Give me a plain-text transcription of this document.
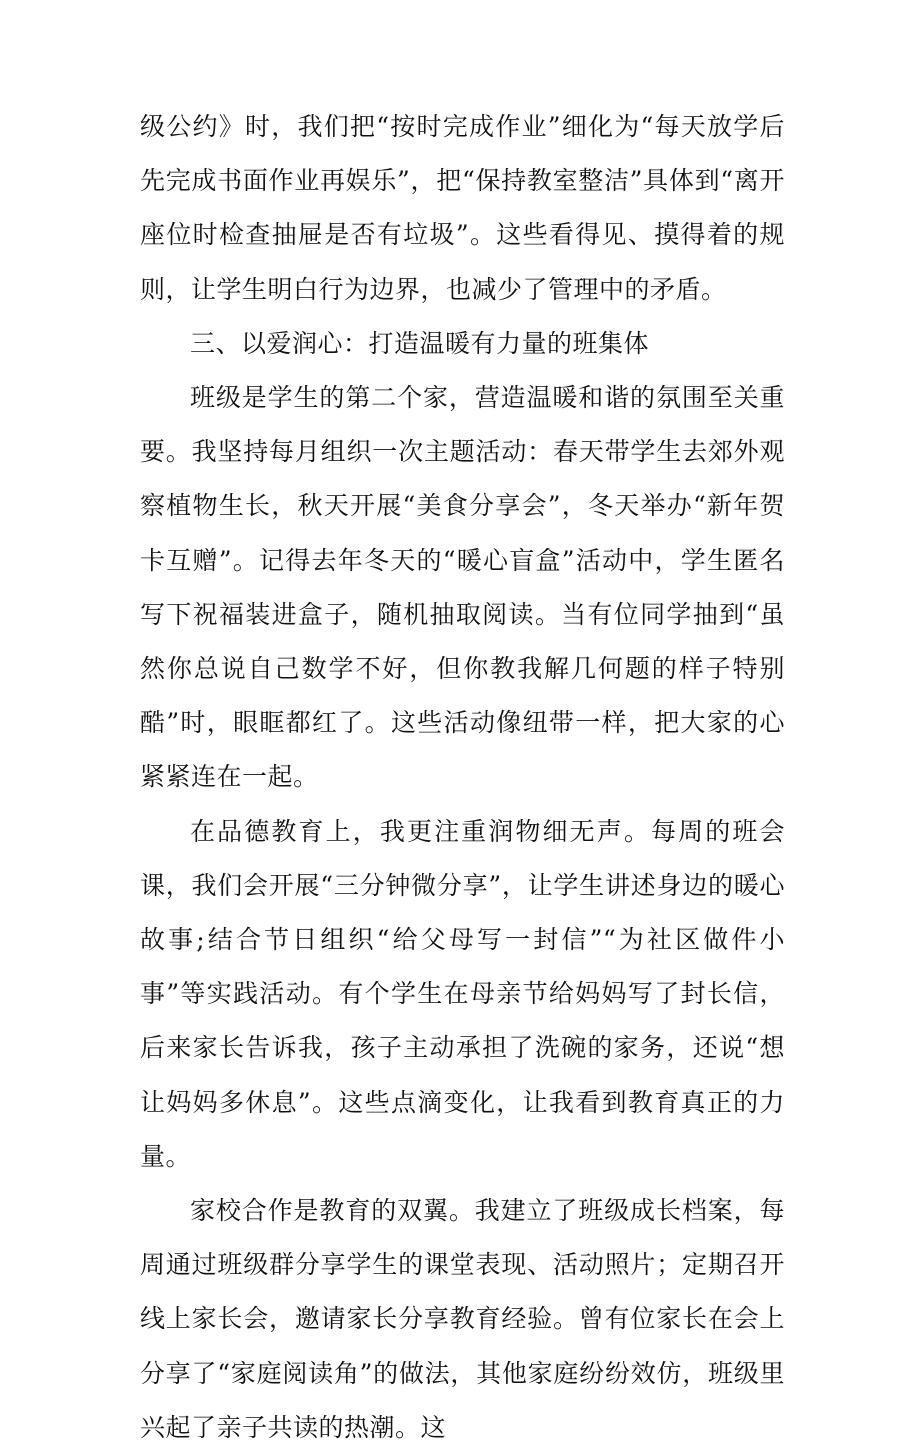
级公约》时，我们把“按时完成作业”细化为“每天放学后先完成书面作业再娱乐”，把“保持教室整洁”具体到“离开座位时检查抽屉是否有垃圾”。这些看得见、摸得着的规则，让学生明白行为边界，也减少了管理中的矛盾。

三、以爱润心：打造温暖有力量的班集体

班级是学生的第二个家，营造温暖和谐的氛围至关重要。我坚持每月组织一次主题活动：春天带学生去郊外观察植物生长，秋天开展“美食分享会”，冬天举办“新年贺卡互赠”。记得去年冬天的“暖心盲盒”活动中，学生匿名写下祝福装进盒子，随机抽取阅读。当有位同学抽到“虽然你总说自己数学不好，但你教我解几何题的样子特别酷”时，眼眶都红了。这些活动像纽带一样，把大家的心紧紧连在一起。

在品德教育上，我更注重润物细无声。每周的班会课，我们会开展“三分钟微分享”，让学生讲述身边的暖心故事;结合节日组织“给父母写一封信”“为社区做件小事”等实践活动。有个学生在母亲节给妈妈写了封长信，后来家长告诉我，孩子主动承担了洗碗的家务，还说“想让妈妈多休息”。这些点滴变化，让我看到教育真正的力量。

家校合作是教育的双翼。我建立了班级成长档案，每周通过班级群分享学生的课堂表现、活动照片；定期召开线上家长会，邀请家长分享教育经验。曾有位家长在会上分享了“家庭阅读角”的做法，其他家庭纷纷效仿，班级里兴起了亲子共读的热潮。这
